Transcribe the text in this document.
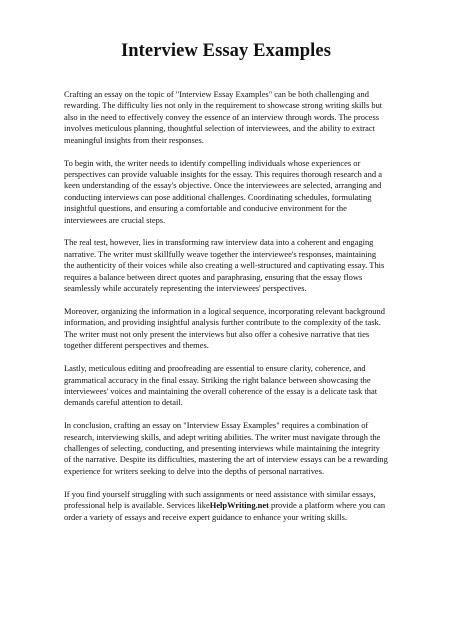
Interview Essay Examples

Crafting an essay on the topic of "Interview Essay Examples" can be both challenging and rewarding. The difficulty lies not only in the requirement to showcase strong writing skills but also in the need to effectively convey the essence of an interview through words. The process involves meticulous planning, thoughtful selection of interviewees, and the ability to extract meaningful insights from their responses.

To begin with, the writer needs to identify compelling individuals whose experiences or perspectives can provide valuable insights for the essay. This requires thorough research and a keen understanding of the essay's objective. Once the interviewees are selected, arranging and conducting interviews can pose additional challenges. Coordinating schedules, formulating insightful questions, and ensuring a comfortable and conducive environment for the interviewees are crucial steps.

The real test, however, lies in transforming raw interview data into a coherent and engaging narrative. The writer must skillfully weave together the interviewee's responses, maintaining the authenticity of their voices while also creating a well-structured and captivating essay. This requires a balance between direct quotes and paraphrasing, ensuring that the essay flows seamlessly while accurately representing the interviewees' perspectives.

Moreover, organizing the information in a logical sequence, incorporating relevant background information, and providing insightful analysis further contribute to the complexity of the task. The writer must not only present the interviews but also offer a cohesive narrative that ties together different perspectives and themes.

Lastly, meticulous editing and proofreading are essential to ensure clarity, coherence, and grammatical accuracy in the final essay. Striking the right balance between showcasing the interviewees' voices and maintaining the overall coherence of the essay is a delicate task that demands careful attention to detail.

In conclusion, crafting an essay on "Interview Essay Examples" requires a combination of research, interviewing skills, and adept writing abilities. The writer must navigate through the challenges of selecting, conducting, and presenting interviews while maintaining the integrity of the narrative. Despite its difficulties, mastering the art of interview essays can be a rewarding experience for writers seeking to delve into the depths of personal narratives.

If you find yourself struggling with such assignments or need assistance with similar essays, professional help is available. Services likeHelpWriting.net provide a platform where you can order a variety of essays and receive expert guidance to enhance your writing skills.
